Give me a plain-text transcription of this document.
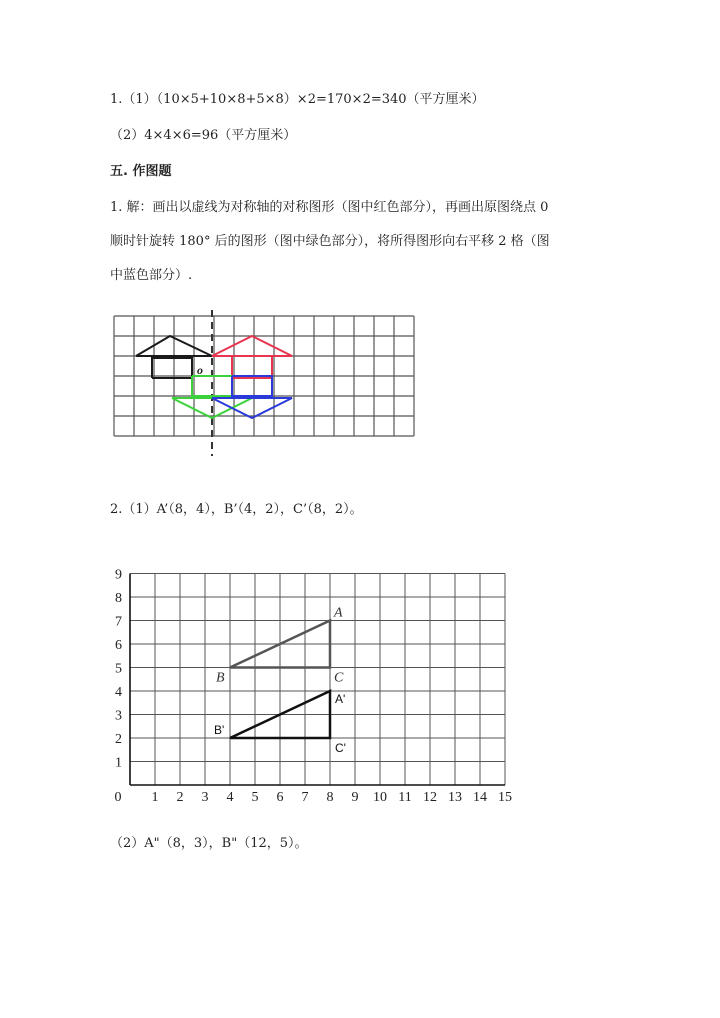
1.（1）（10×5+10×8+5×8）×2=170×2=340（平方厘米）
（2）4×4×6=96（平方厘米）
五. 作图题
1. 解：画出以虚线为对称轴的对称图形（图中红色部分），再画出原图绕点 0
顺时针旋转 180° 后的图形（图中绿色部分），将所得图形向右平移 2 格（图
中蓝色部分）.
o
2.（1）A’（8，4），B’（4，2），C’（8，2）。
0 1 2 3 4 5 6 7 8 9 10 11 12 13 14 15
1
2
3
4
5
6
7
8
9
A
B	C
A'
B'
C'
（2）A"（8，3），B"（12，5）。
